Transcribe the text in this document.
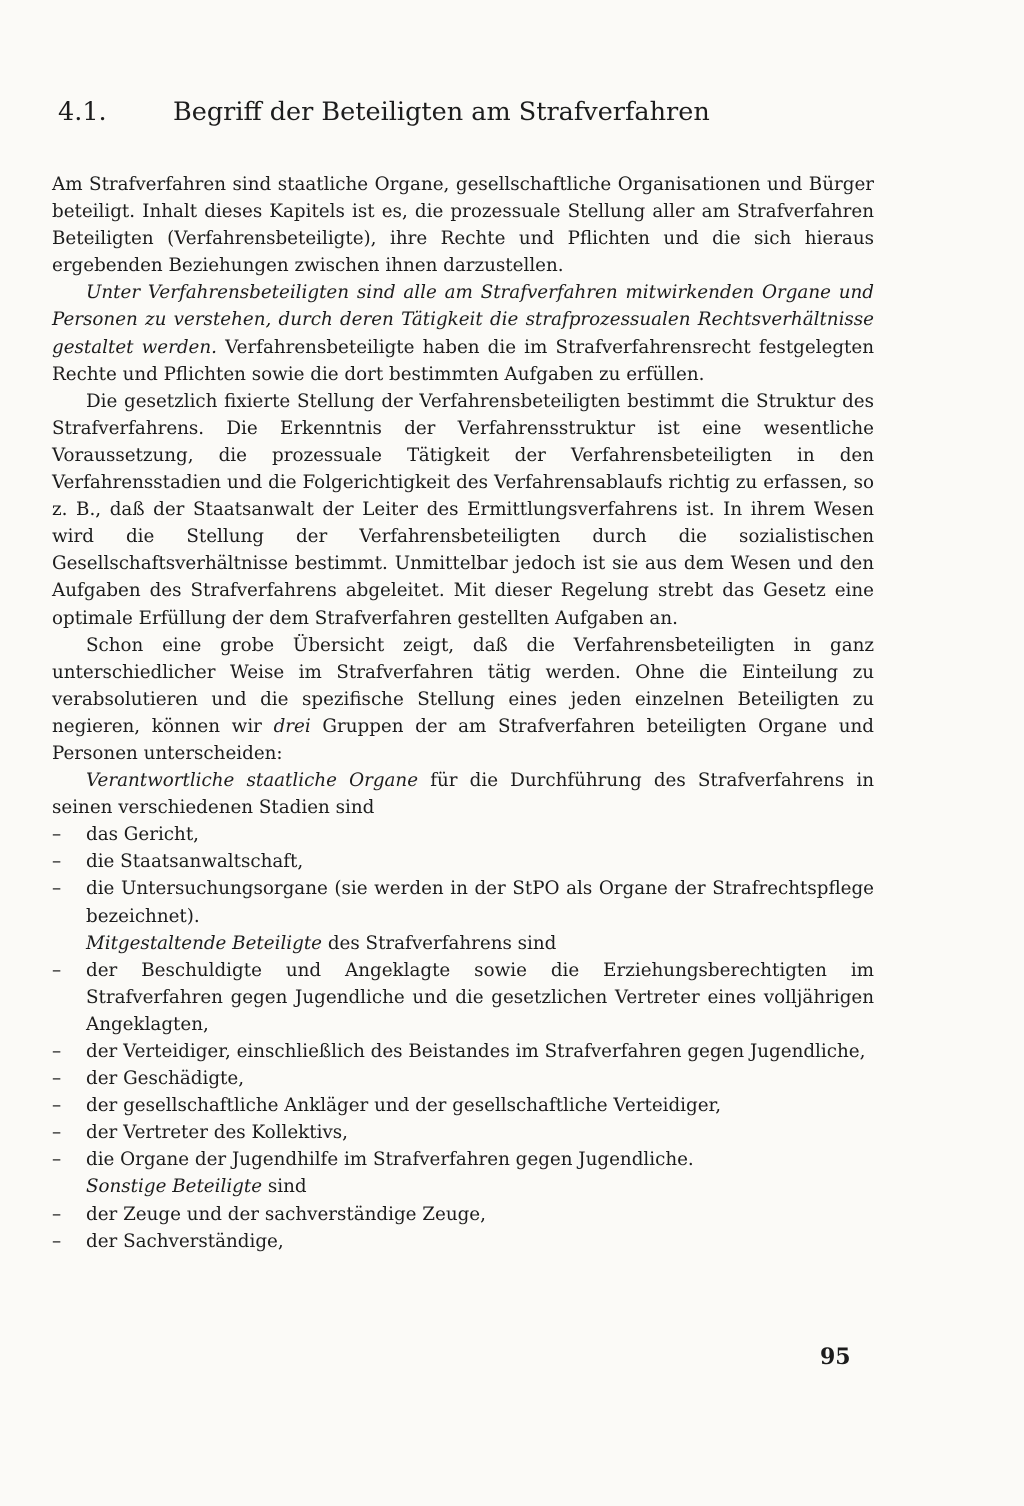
4.1.	Begriff der Beteiligten am Strafverfahren

Am Strafverfahren sind staatliche Organe, gesellschaftliche Organisationen und Bürger beteiligt. Inhalt dieses Kapitels ist es, die prozessuale Stellung aller am Strafverfahren Beteiligten (Verfahrensbeteiligte), ihre Rechte und Pflichten und die sich hieraus ergebenden Beziehungen zwischen ihnen darzustellen.

Unter Verfahrensbeteiligten sind alle am Strafverfahren mitwirkenden Organe und Personen zu verstehen, durch deren Tätigkeit die strafprozessualen Rechtsverhältnisse gestaltet werden. Verfahrensbeteiligte haben die im Strafverfahrensrecht festgelegten Rechte und Pflichten sowie die dort bestimmten Aufgaben zu erfüllen.

Die gesetzlich fixierte Stellung der Verfahrensbeteiligten bestimmt die Struktur des Strafverfahrens. Die Erkenntnis der Verfahrensstruktur ist eine wesentliche Voraussetzung, die prozessuale Tätigkeit der Verfahrensbeteiligten in den Verfahrensstadien und die Folgerichtigkeit des Verfahrensablaufs richtig zu erfassen, so z. B., daß der Staatsanwalt der Leiter des Ermittlungsverfahrens ist. In ihrem Wesen wird die Stellung der Verfahrensbeteiligten durch die sozialistischen Gesellschaftsverhältnisse bestimmt. Unmittelbar jedoch ist sie aus dem Wesen und den Aufgaben des Strafverfahrens abgeleitet. Mit dieser Regelung strebt das Gesetz eine optimale Erfüllung der dem Strafverfahren gestellten Aufgaben an.

Schon eine grobe Übersicht zeigt, daß die Verfahrensbeteiligten in ganz unterschiedlicher Weise im Strafverfahren tätig werden. Ohne die Einteilung zu verabsolutieren und die spezifische Stellung eines jeden einzelnen Beteiligten zu negieren, können wir drei Gruppen der am Strafverfahren beteiligten Organe und Personen unterscheiden:

Verantwortliche staatliche Organe für die Durchführung des Strafverfahrens in seinen verschiedenen Stadien sind

– das Gericht,
– die Staatsanwaltschaft,
– die Untersuchungsorgane (sie werden in der StPO als Organe der Strafrechtspflege bezeichnet).

Mitgestaltende Beteiligte des Strafverfahrens sind

– der Beschuldigte und Angeklagte sowie die Erziehungsberechtigten im Strafverfahren gegen Jugendliche und die gesetzlichen Vertreter eines volljährigen Angeklagten,
– der Verteidiger, einschließlich des Beistandes im Strafverfahren gegen Jugendliche,
– der Geschädigte,
– der gesellschaftliche Ankläger und der gesellschaftliche Verteidiger,
– der Vertreter des Kollektivs,
– die Organe der Jugendhilfe im Strafverfahren gegen Jugendliche.

Sonstige Beteiligte sind

– der Zeuge und der sachverständige Zeuge,
– der Sachverständige,
95
